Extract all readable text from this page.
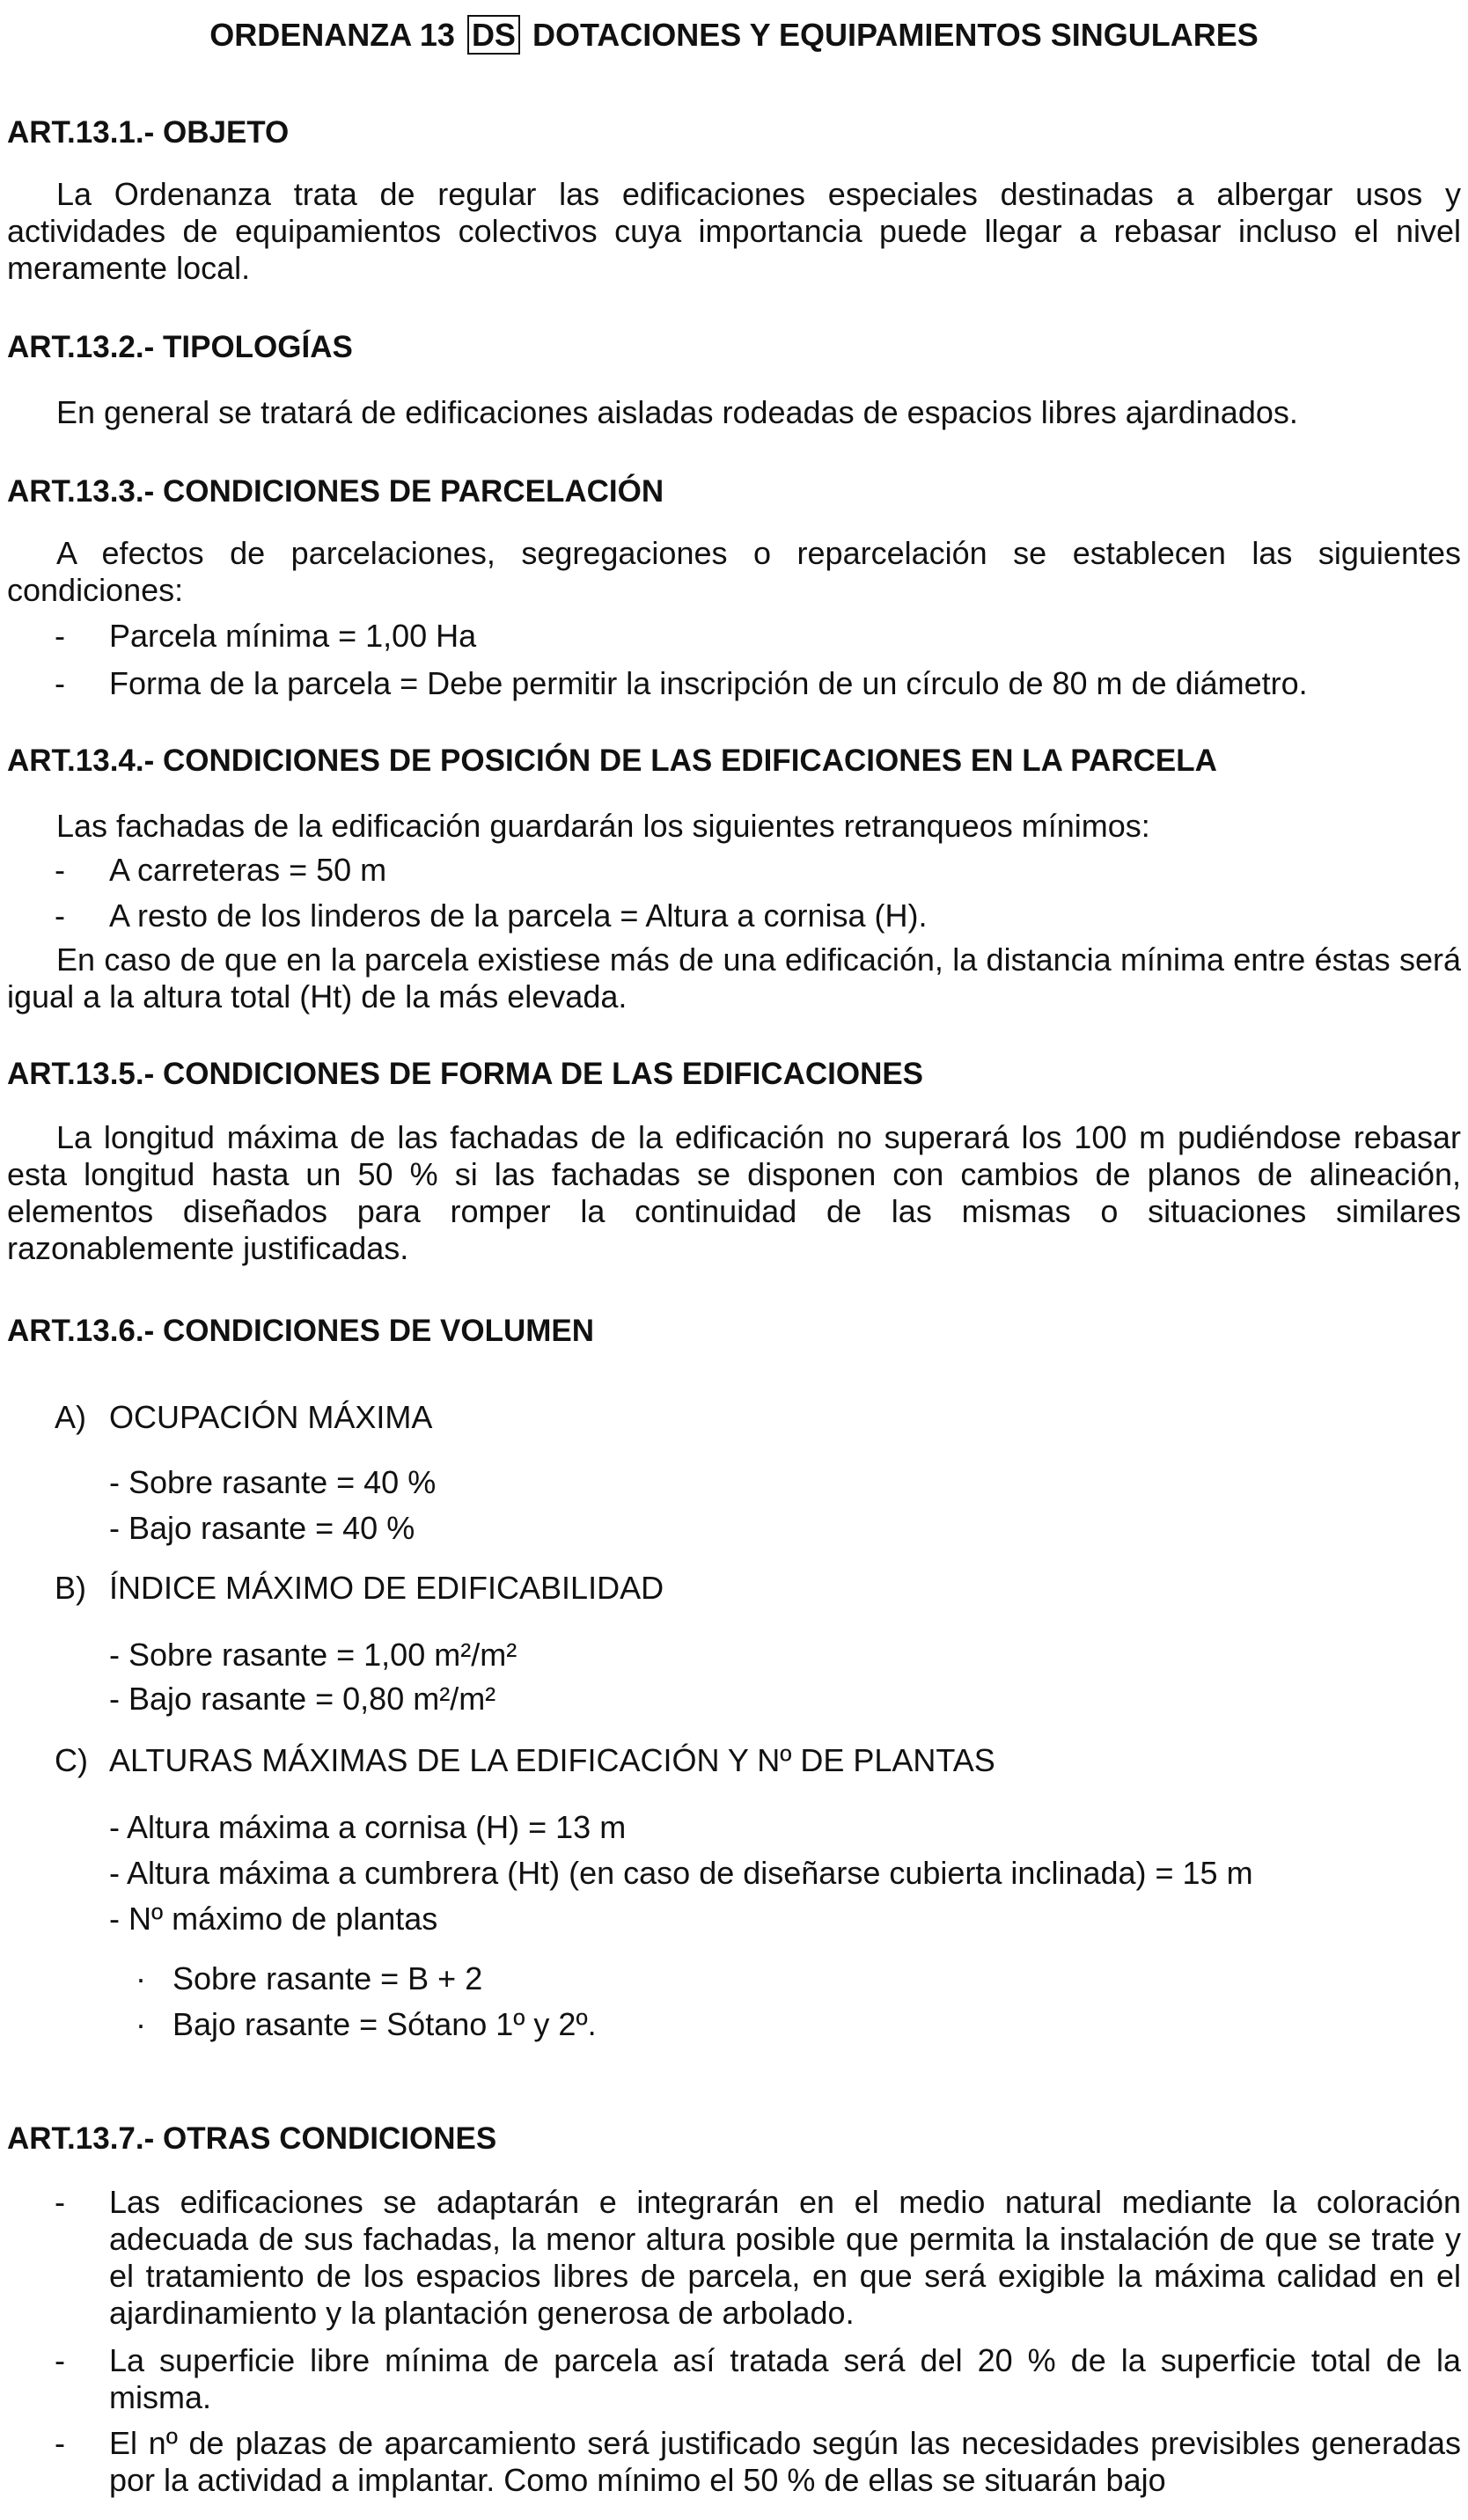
ORDENANZA 13 DS DOTACIONES Y EQUIPAMIENTOS SINGULARES
ART.13.1.- OBJETO
La Ordenanza trata de regular las edificaciones especiales destinadas a albergar usos y actividades de equipamientos colectivos cuya importancia puede llegar a rebasar incluso el nivel meramente local.
ART.13.2.- TIPOLOGÍAS
En general se tratará de edificaciones aisladas rodeadas de espacios libres ajardinados.
ART.13.3.- CONDICIONES DE PARCELACIÓN
A efectos de parcelaciones, segregaciones o reparcelación se establecen las siguientes condiciones:
- Parcela mínima = 1,00 Ha
- Forma de la parcela = Debe permitir la inscripción de un círculo de 80 m de diámetro.
ART.13.4.- CONDICIONES DE POSICIÓN DE LAS EDIFICACIONES EN LA PARCELA
Las fachadas de la edificación guardarán los siguientes retranqueos mínimos:
- A carreteras = 50 m
- A resto de los linderos de la parcela = Altura a cornisa (H).
En caso de que en la parcela existiese más de una edificación, la distancia mínima entre éstas será igual a la altura total (Ht) de la más elevada.
ART.13.5.- CONDICIONES DE FORMA DE LAS EDIFICACIONES
La longitud máxima de las fachadas de la edificación no superará los 100 m pudiéndose rebasar esta longitud hasta un 50 % si las fachadas se disponen con cambios de planos de alineación, elementos diseñados para romper la continuidad de las mismas o situaciones similares razonablemente justificadas.
ART.13.6.- CONDICIONES DE VOLUMEN
A) OCUPACIÓN MÁXIMA
- Sobre rasante = 40 %
- Bajo rasante = 40 %
B) ÍNDICE MÁXIMO DE EDIFICABILIDAD
- Sobre rasante = 1,00 m²/m²
- Bajo rasante = 0,80 m²/m²
C) ALTURAS MÁXIMAS DE LA EDIFICACIÓN Y Nº DE PLANTAS
- Altura máxima a cornisa (H) = 13 m
- Altura máxima a cumbrera (Ht) (en caso de diseñarse cubierta inclinada) = 15 m
- Nº máximo de plantas
· Sobre rasante = B + 2
· Bajo rasante = Sótano 1º y 2º.
ART.13.7.- OTRAS CONDICIONES
- Las edificaciones se adaptarán e integrarán en el medio natural mediante la coloración adecuada de sus fachadas, la menor altura posible que permita la instalación de que se trate y el tratamiento de los espacios libres de parcela, en que será exigible la máxima calidad en el ajardinamiento y la plantación generosa de arbolado.
- La superficie libre mínima de parcela así tratada será del 20 % de la superficie total de la misma.
- El nº de plazas de aparcamiento será justificado según las necesidades previsibles generadas por la actividad a implantar. Como mínimo el 50 % de ellas se situarán bajo
